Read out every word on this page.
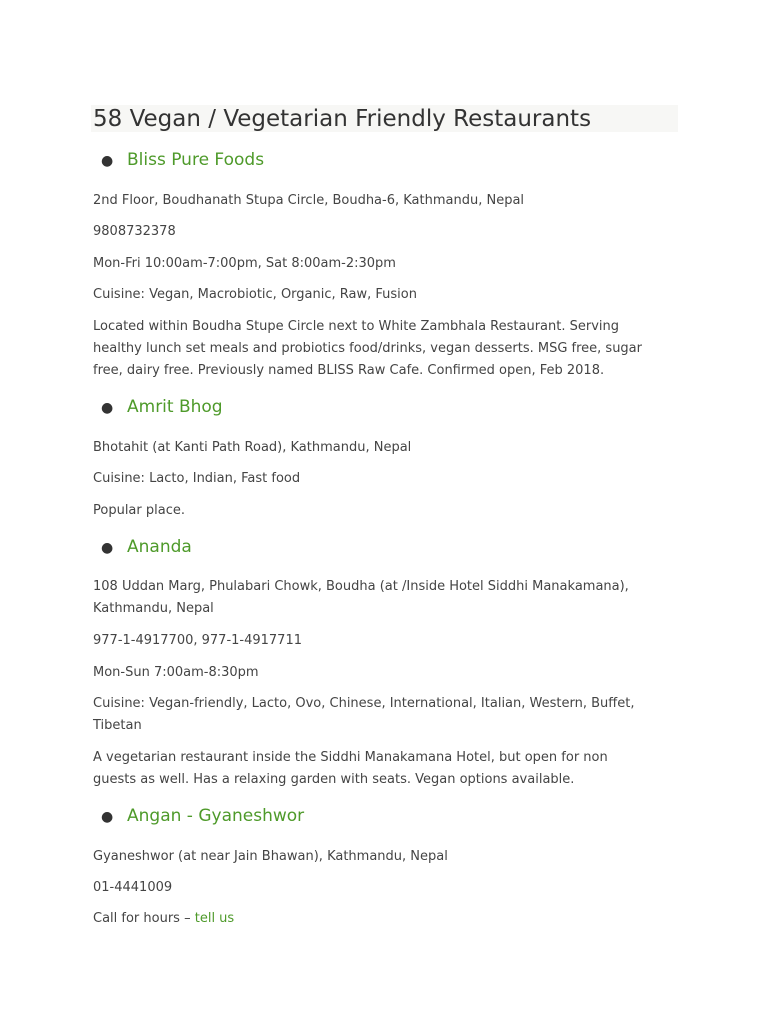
58 Vegan / Vegetarian Friendly Restaurants
● Bliss Pure Foods
2nd Floor, Boudhanath Stupa Circle, Boudha-6, Kathmandu, Nepal
9808732378
Mon-Fri 10:00am-7:00pm, Sat 8:00am-2:30pm
Cuisine: Vegan, Macrobiotic, Organic, Raw, Fusion
Located within Boudha Stupe Circle next to White Zambhala Restaurant. Serving
healthy lunch set meals and probiotics food/drinks, vegan desserts. MSG free, sugar
free, dairy free. Previously named BLISS Raw Cafe. Confirmed open, Feb 2018.
● Amrit Bhog
Bhotahit (at Kanti Path Road), Kathmandu, Nepal
Cuisine: Lacto, Indian, Fast food
Popular place.
● Ananda
108 Uddan Marg, Phulabari Chowk, Boudha (at /Inside Hotel Siddhi Manakamana),
Kathmandu, Nepal
977-1-4917700, 977-1-4917711
Mon-Sun 7:00am-8:30pm
Cuisine: Vegan-friendly, Lacto, Ovo, Chinese, International, Italian, Western, Buffet,
Tibetan
A vegetarian restaurant inside the Siddhi Manakamana Hotel, but open for non
guests as well. Has a relaxing garden with seats. Vegan options available.
● Angan - Gyaneshwor
Gyaneshwor (at near Jain Bhawan), Kathmandu, Nepal
01-4441009
Call for hours – tell us
